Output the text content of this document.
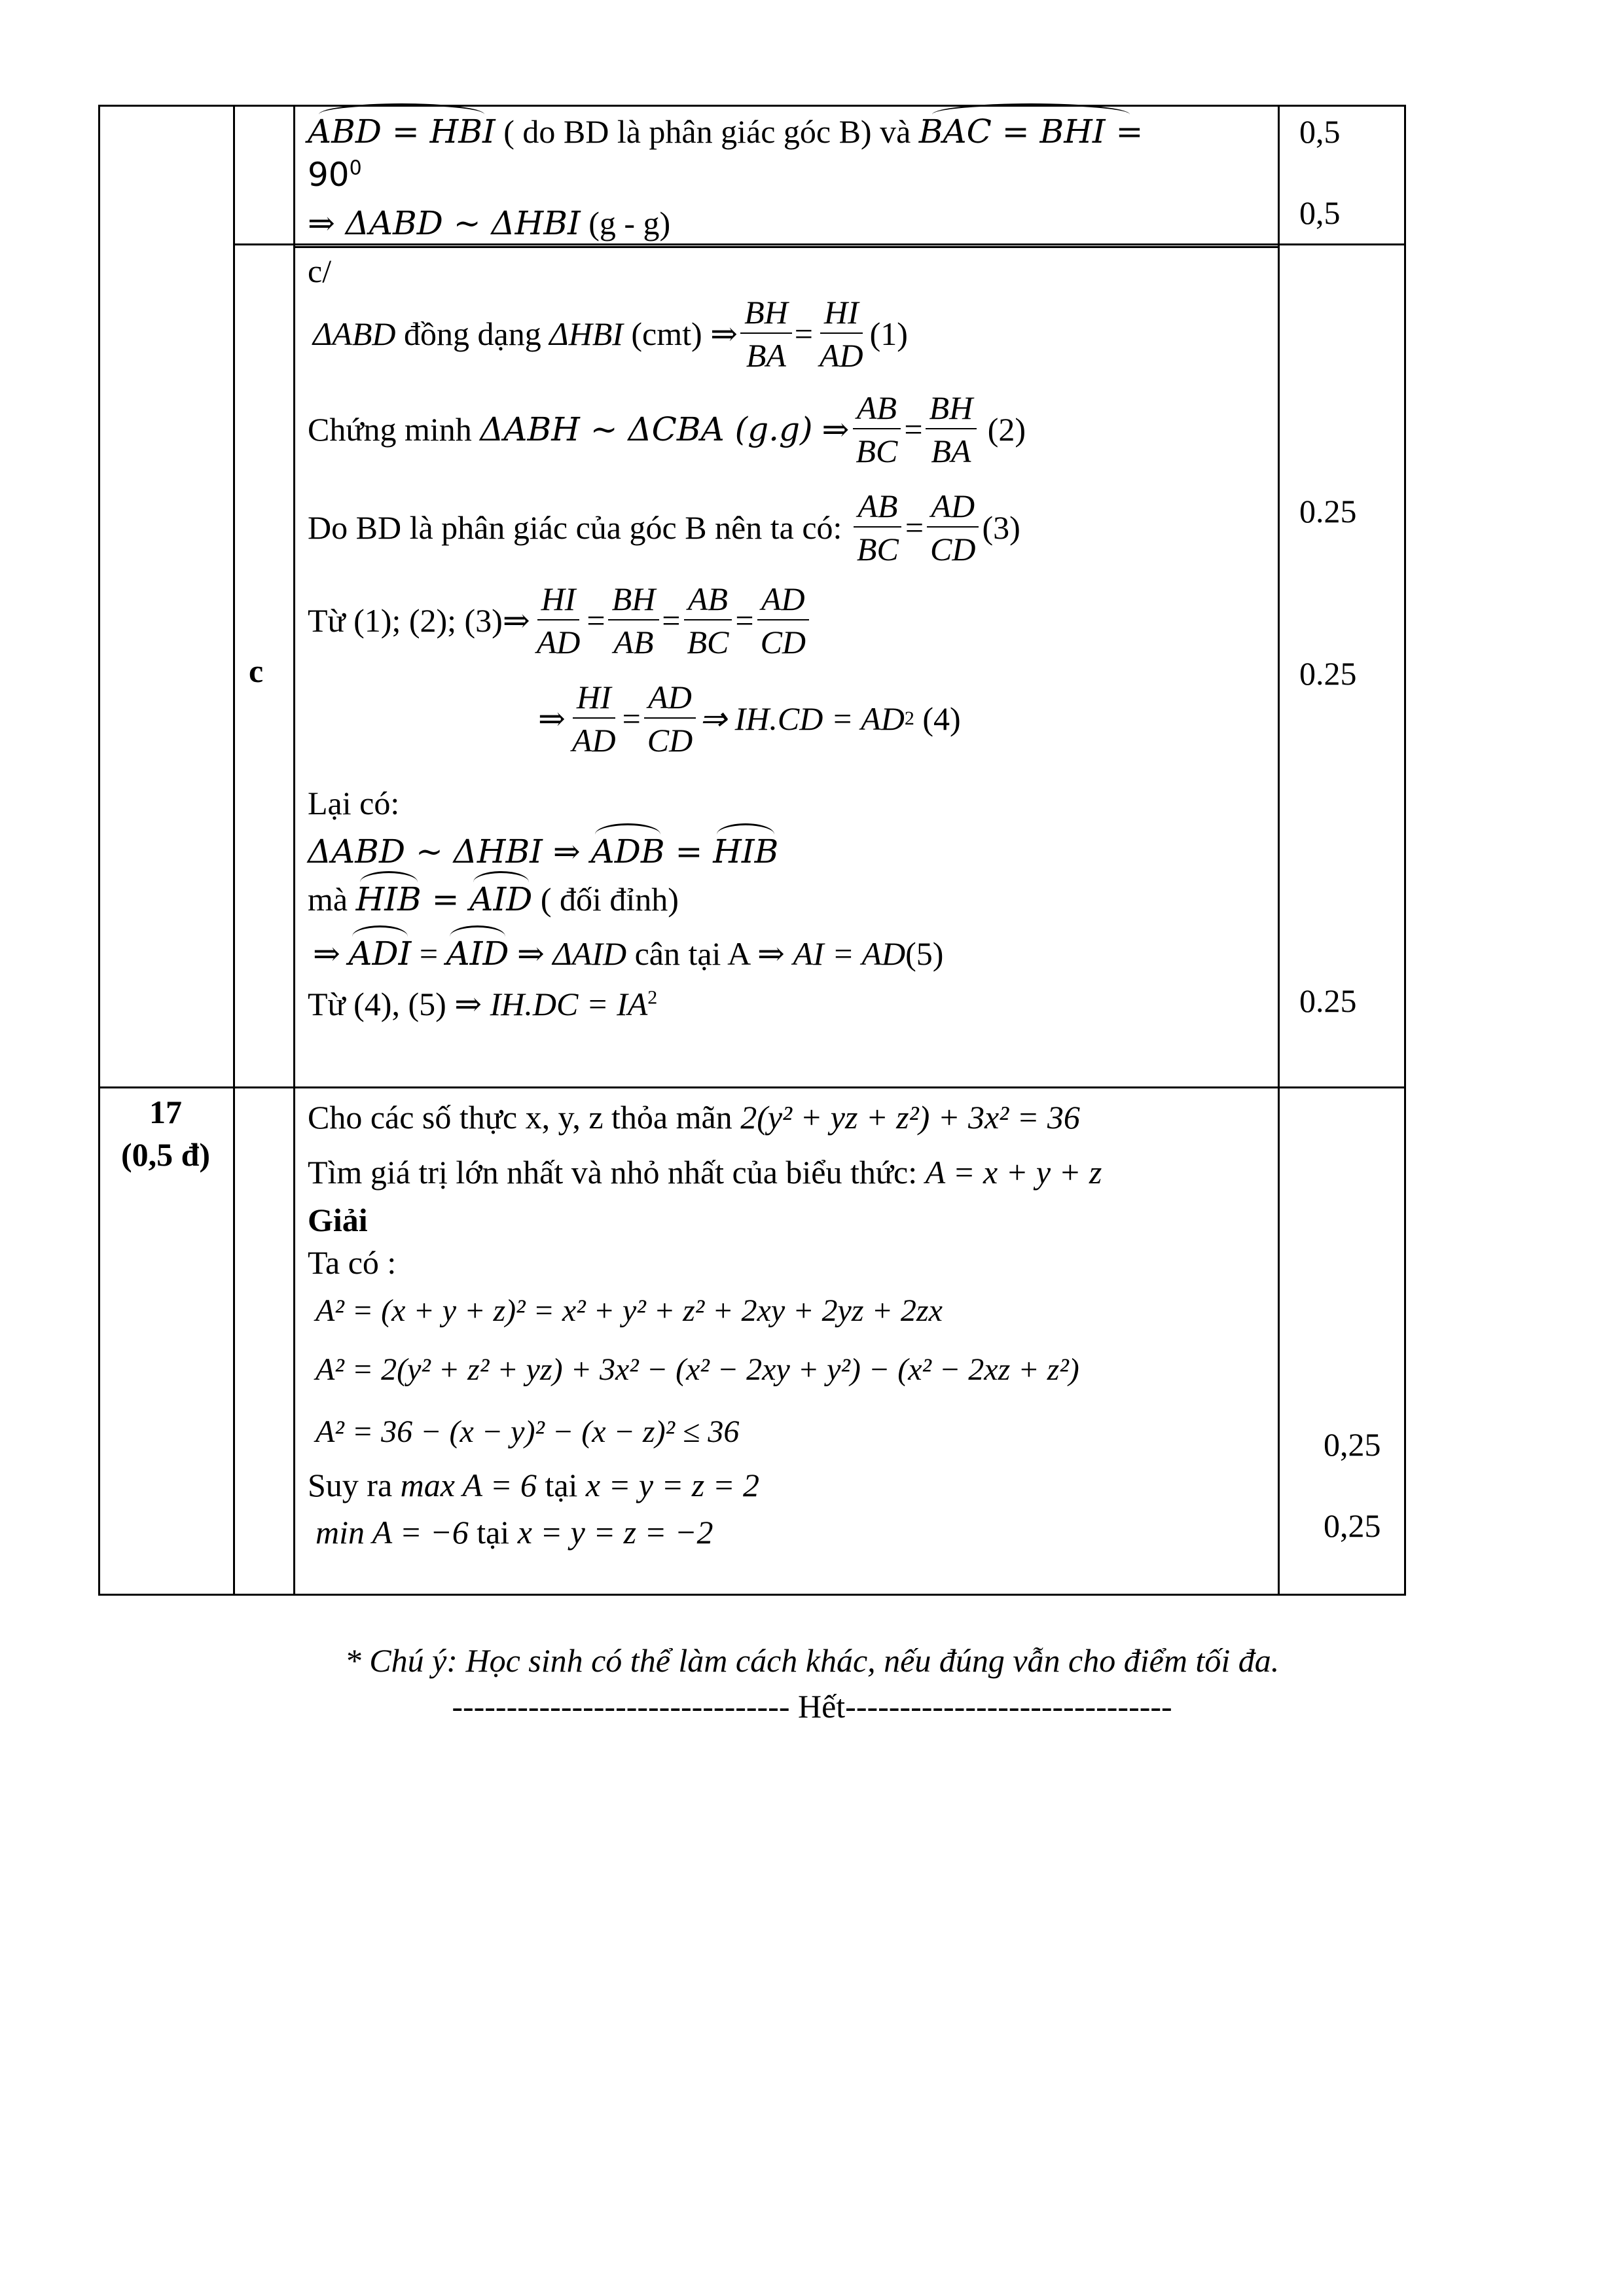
ABD = HBI ( do BD là phân giác góc B) và BAC = BHI =
$90^0$
⇒ ΔABD ~ ΔHBI (g - g)
0,5
0,5
c
c/
ΔABD đồng dạng ΔHBI (cmt) ⇒ $\frac{BH}{BA} = \frac{HI}{AD} (1)$
Chứng minh ΔABH ~ ΔCBA (g.g) ⇒ $\frac{AB}{BC} = \frac{BH}{BA} (2)$
Do BD là phân giác của góc B nên ta có: $\frac{AB}{BC} = \frac{AD}{CD} (3)$
Từ (1); (2); (3)⇒ $\frac{HI}{AD} = \frac{BH}{AB} = \frac{AB}{BC} = \frac{AD}{CD}$
⇒ $\frac{HI}{AD} = \frac{AD}{CD}$ ⇒ IH.CD = AD 2 (4)
Lại có:
ΔABD ~ ΔHBI ⇒ ADB = HIB
mà HIB = AID ( đối đỉnh)
⇒ ADI = AID ⇒ ΔAID cân tại A ⇒ AI = AD(5)
Từ (4), (5) ⇒ $IH.DC = IA^2$
0.25
0.25
0.25
17
(0,5 đ)
Cho các số thực x, y, z thỏa mãn 2(y² + yz + z²) + 3x² = 36
Tìm giá trị lớn nhất và nhỏ nhất của biểu thức: A = x + y + z
Giải
Ta có :
A² = (x + y + z)² = x² + y² + z² + 2xy + 2yz + 2zx
A² = 2(y² + z² + yz) + 3x² − (x² − 2xy + y²) − (x² − 2xz + z²)
A² = 36 − (x − y)² − (x − z)² ≤ 36
Suy ra max A = 6 tại x = y = z = 2
min A = −6 tại x = y = z = −2
0,25
0,25
* Chú ý: Học sinh có thể làm cách khác, nếu đúng vẫn cho điểm tối đa.
------------------------------- Hết------------------------------
